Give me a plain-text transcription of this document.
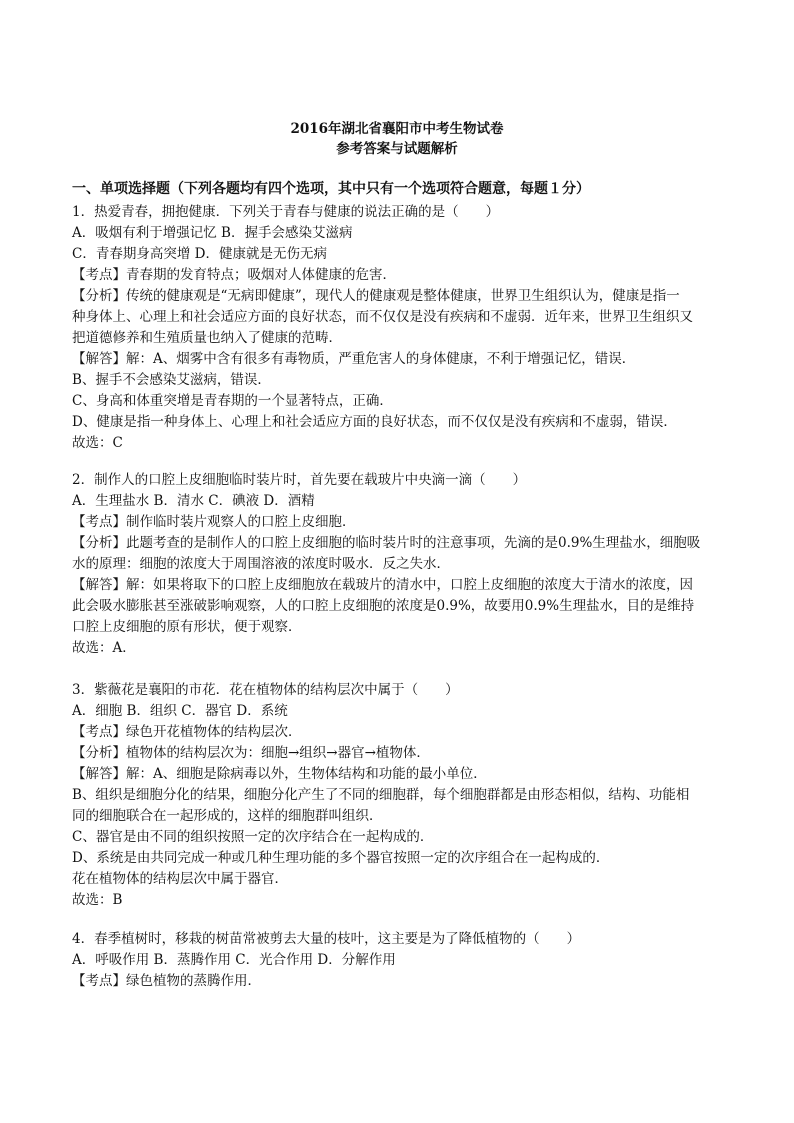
2016年湖北省襄阳市中考生物试卷
参考答案与试题解析
一、单项选择题（下列各题均有四个选项，其中只有一个选项符合题意，每题１分）
1．热爱青春，拥抱健康．下列关于青春与健康的说法正确的是（　　）
A．吸烟有利于增强记忆 B．握手会感染艾滋病
C．青春期身高突增 D．健康就是无伤无病
【考点】青春期的发育特点；吸烟对人体健康的危害．
【分析】传统的健康观是“无病即健康”，现代人的健康观是整体健康，世界卫生组织认为，健康是指一
种身体上、心理上和社会适应方面的良好状态，而不仅仅是没有疾病和不虚弱．近年来，世界卫生组织又
把道德修养和生殖质量也纳入了健康的范畴．
【解答】解：A、烟雾中含有很多有毒物质，严重危害人的身体健康，不利于增强记忆，错误．
B、握手不会感染艾滋病，错误．
C、身高和体重突增是青春期的一个显著特点，正确．
D、健康是指一种身体上、心理上和社会适应方面的良好状态，而不仅仅是没有疾病和不虚弱，错误．
故选：C
2．制作人的口腔上皮细胞临时装片时，首先要在载玻片中央滴一滴（　　）
A．生理盐水 B．清水 C．碘液 D．酒精
【考点】制作临时装片观察人的口腔上皮细胞．
【分析】此题考查的是制作人的口腔上皮细胞的临时装片时的注意事项，先滴的是0.9%生理盐水，细胞吸
水的原理：细胞的浓度大于周围溶液的浓度时吸水．反之失水．
【解答】解：如果将取下的口腔上皮细胞放在载玻片的清水中，口腔上皮细胞的浓度大于清水的浓度，因
此会吸水膨胀甚至涨破影响观察，人的口腔上皮细胞的浓度是0.9%，故要用0.9%生理盐水，目的是维持
口腔上皮细胞的原有形状，便于观察．
故选：A．
3．紫薇花是襄阳的市花．花在植物体的结构层次中属于（　　）
A．细胞 B．组织 C．器官 D．系统
【考点】绿色开花植物体的结构层次．
【分析】植物体的结构层次为：细胞→组织→器官→植物体．
【解答】解：A、细胞是除病毒以外，生物体结构和功能的最小单位．
B、组织是细胞分化的结果，细胞分化产生了不同的细胞群，每个细胞群都是由形态相似，结构、功能相
同的细胞联合在一起形成的，这样的细胞群叫组织．
C、器官是由不同的组织按照一定的次序结合在一起构成的．
D、系统是由共同完成一种或几种生理功能的多个器官按照一定的次序组合在一起构成的．
花在植物体的结构层次中属于器官．
故选：B
4．春季植树时，移栽的树苗常被剪去大量的枝叶，这主要是为了降低植物的（　　）
A．呼吸作用 B．蒸腾作用 C．光合作用 D．分解作用
【考点】绿色植物的蒸腾作用．
